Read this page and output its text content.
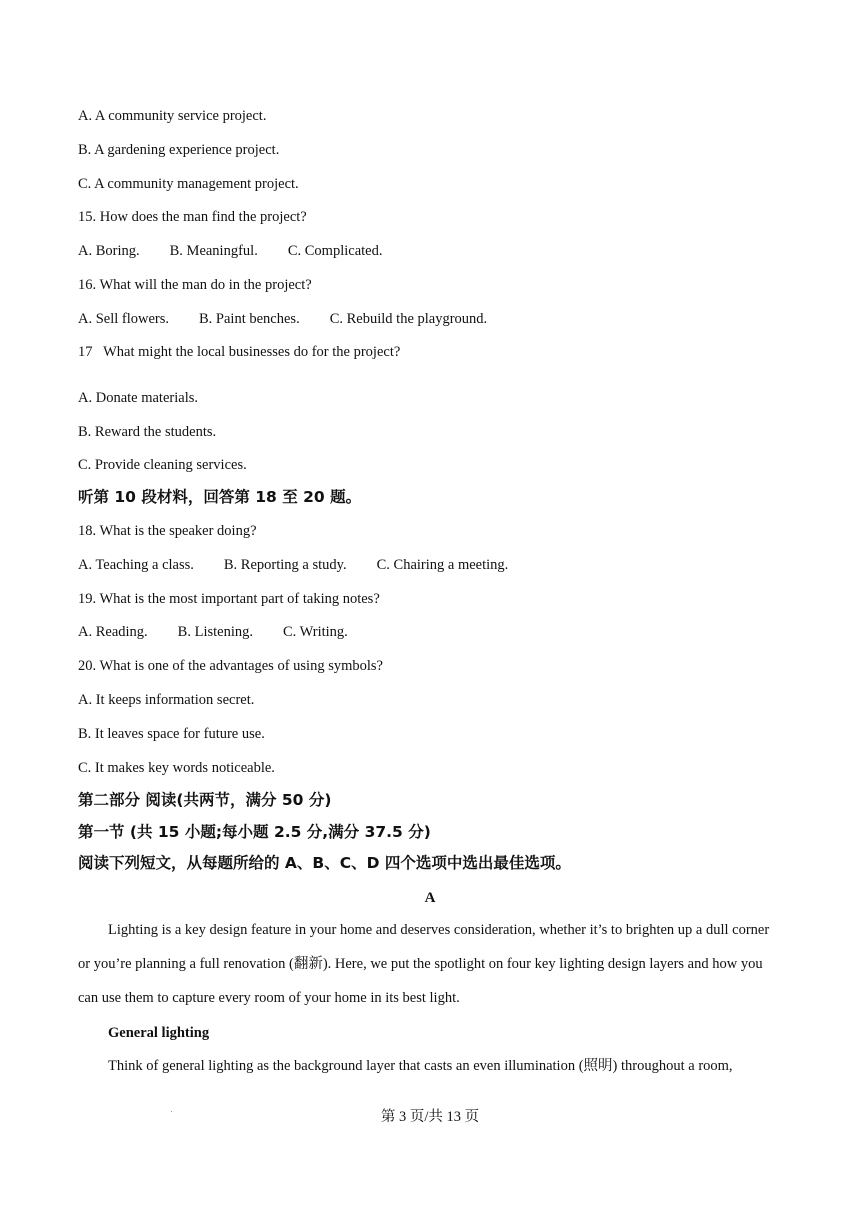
A. A community service project.
B. A gardening experience project.
C. A community management project.
15. How does the man find the project?
A. Boring. B. Meaningful. C. Complicated.
16. What will the man do in the project?
A. Sell flowers. B. Paint benches. C. Rebuild the playground.
17   What might the local businesses do for the project?
A. Donate materials.
B. Reward the students.
C. Provide cleaning services.
听第 10 段材料，回答第 18 至 20 题。
18. What is the speaker doing?
A. Teaching a class. B. Reporting a study. C. Chairing a meeting.
19. What is the most important part of taking notes?
A. Reading. B. Listening. C. Writing.
20. What is one of the advantages of using symbols?
A. It keeps information secret.
B. It leaves space for future use.
C. It makes key words noticeable.
第二部分 阅读(共两节，满分 50 分)
第一节 (共 15 小题;每小题 2.5 分,满分 37.5 分)
阅读下列短文，从每题所给的 A、B、C、D 四个选项中选出最佳选项。
A
Lighting is a key design feature in your home and deserves consideration, whether it’s to brighten up a dull corner or you’re planning a full renovation (翻新). Here, we put the spotlight on four key lighting design layers and how you can use them to capture every room of your home in its best light.
General lighting
Think of general lighting as the background layer that casts an even illumination (照明) throughout a room,
第 3 页/共 13 页
